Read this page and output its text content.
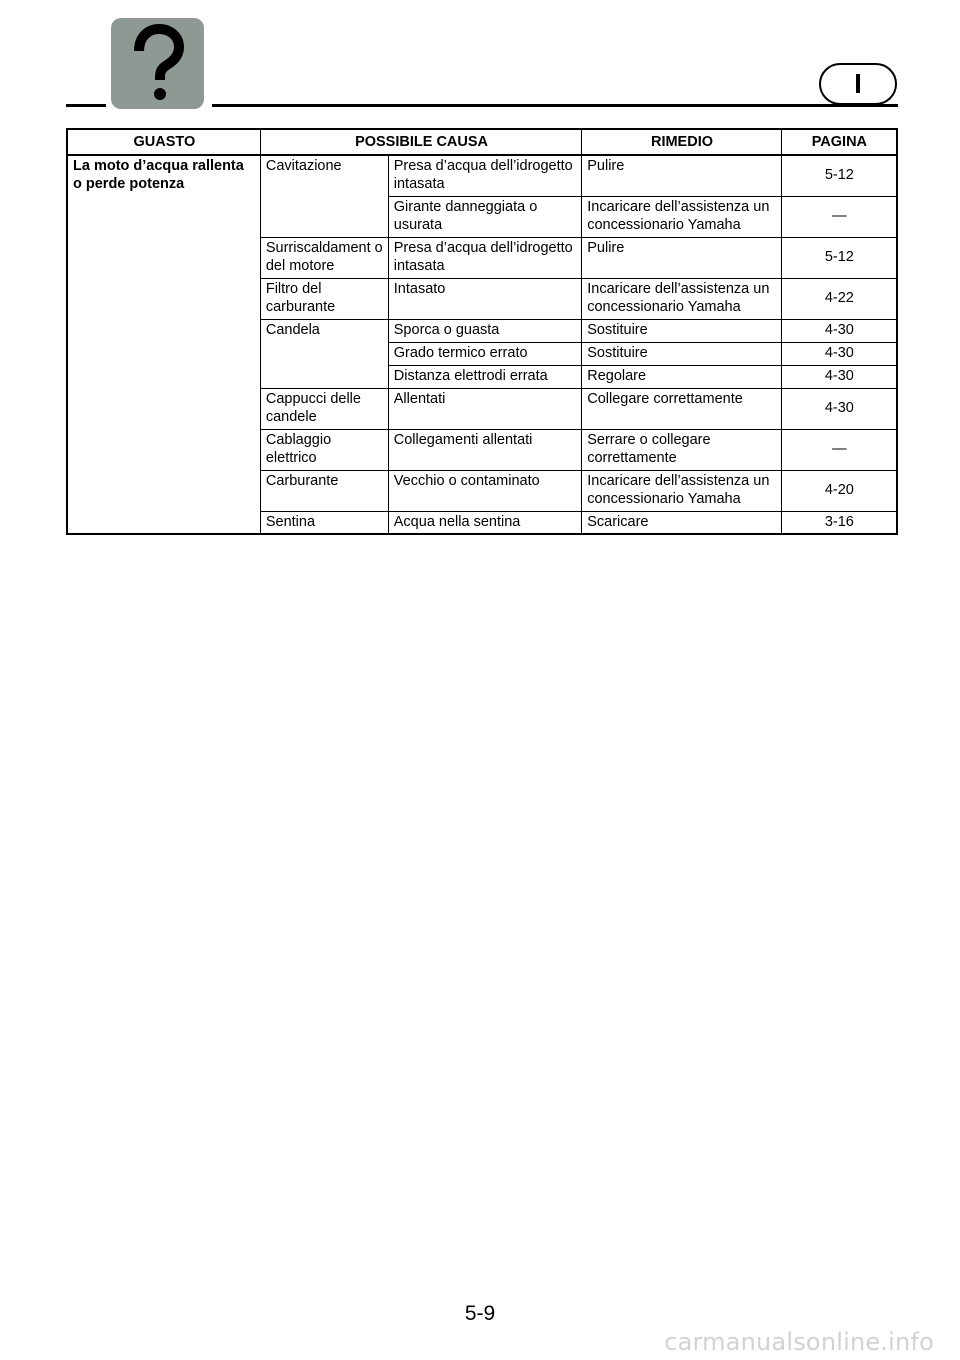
I
GUASTO	POSSIBILE CAUSA		RIMEDIO	PAGINA
La moto d’acqua rallenta o perde potenza	Cavitazione	Presa d’acqua dell’idrogetto intasata	Pulire	5-12
		Girante danneggiata o usurata	Incaricare dell’assistenza un concessionario Yamaha	—
	Surriscaldament o del motore	Presa d’acqua dell’idrogetto intasata	Pulire	5-12
	Filtro del carburante	Intasato	Incaricare dell’assistenza un concessionario Yamaha	4-22
	Candela	Sporca o guasta	Sostituire	4-30
		Grado termico errato	Sostituire	4-30
		Distanza elettrodi errata	Regolare	4-30
	Cappucci delle candele	Allentati	Collegare correttamente	4-30
	Cablaggio elettrico	Collegamenti allentati	Serrare o collegare correttamente	—
	Carburante	Vecchio o contaminato	Incaricare dell’assistenza un concessionario Yamaha	4-20
	Sentina	Acqua nella sentina	Scaricare	3-16
5-9
carmanualsonline.info
